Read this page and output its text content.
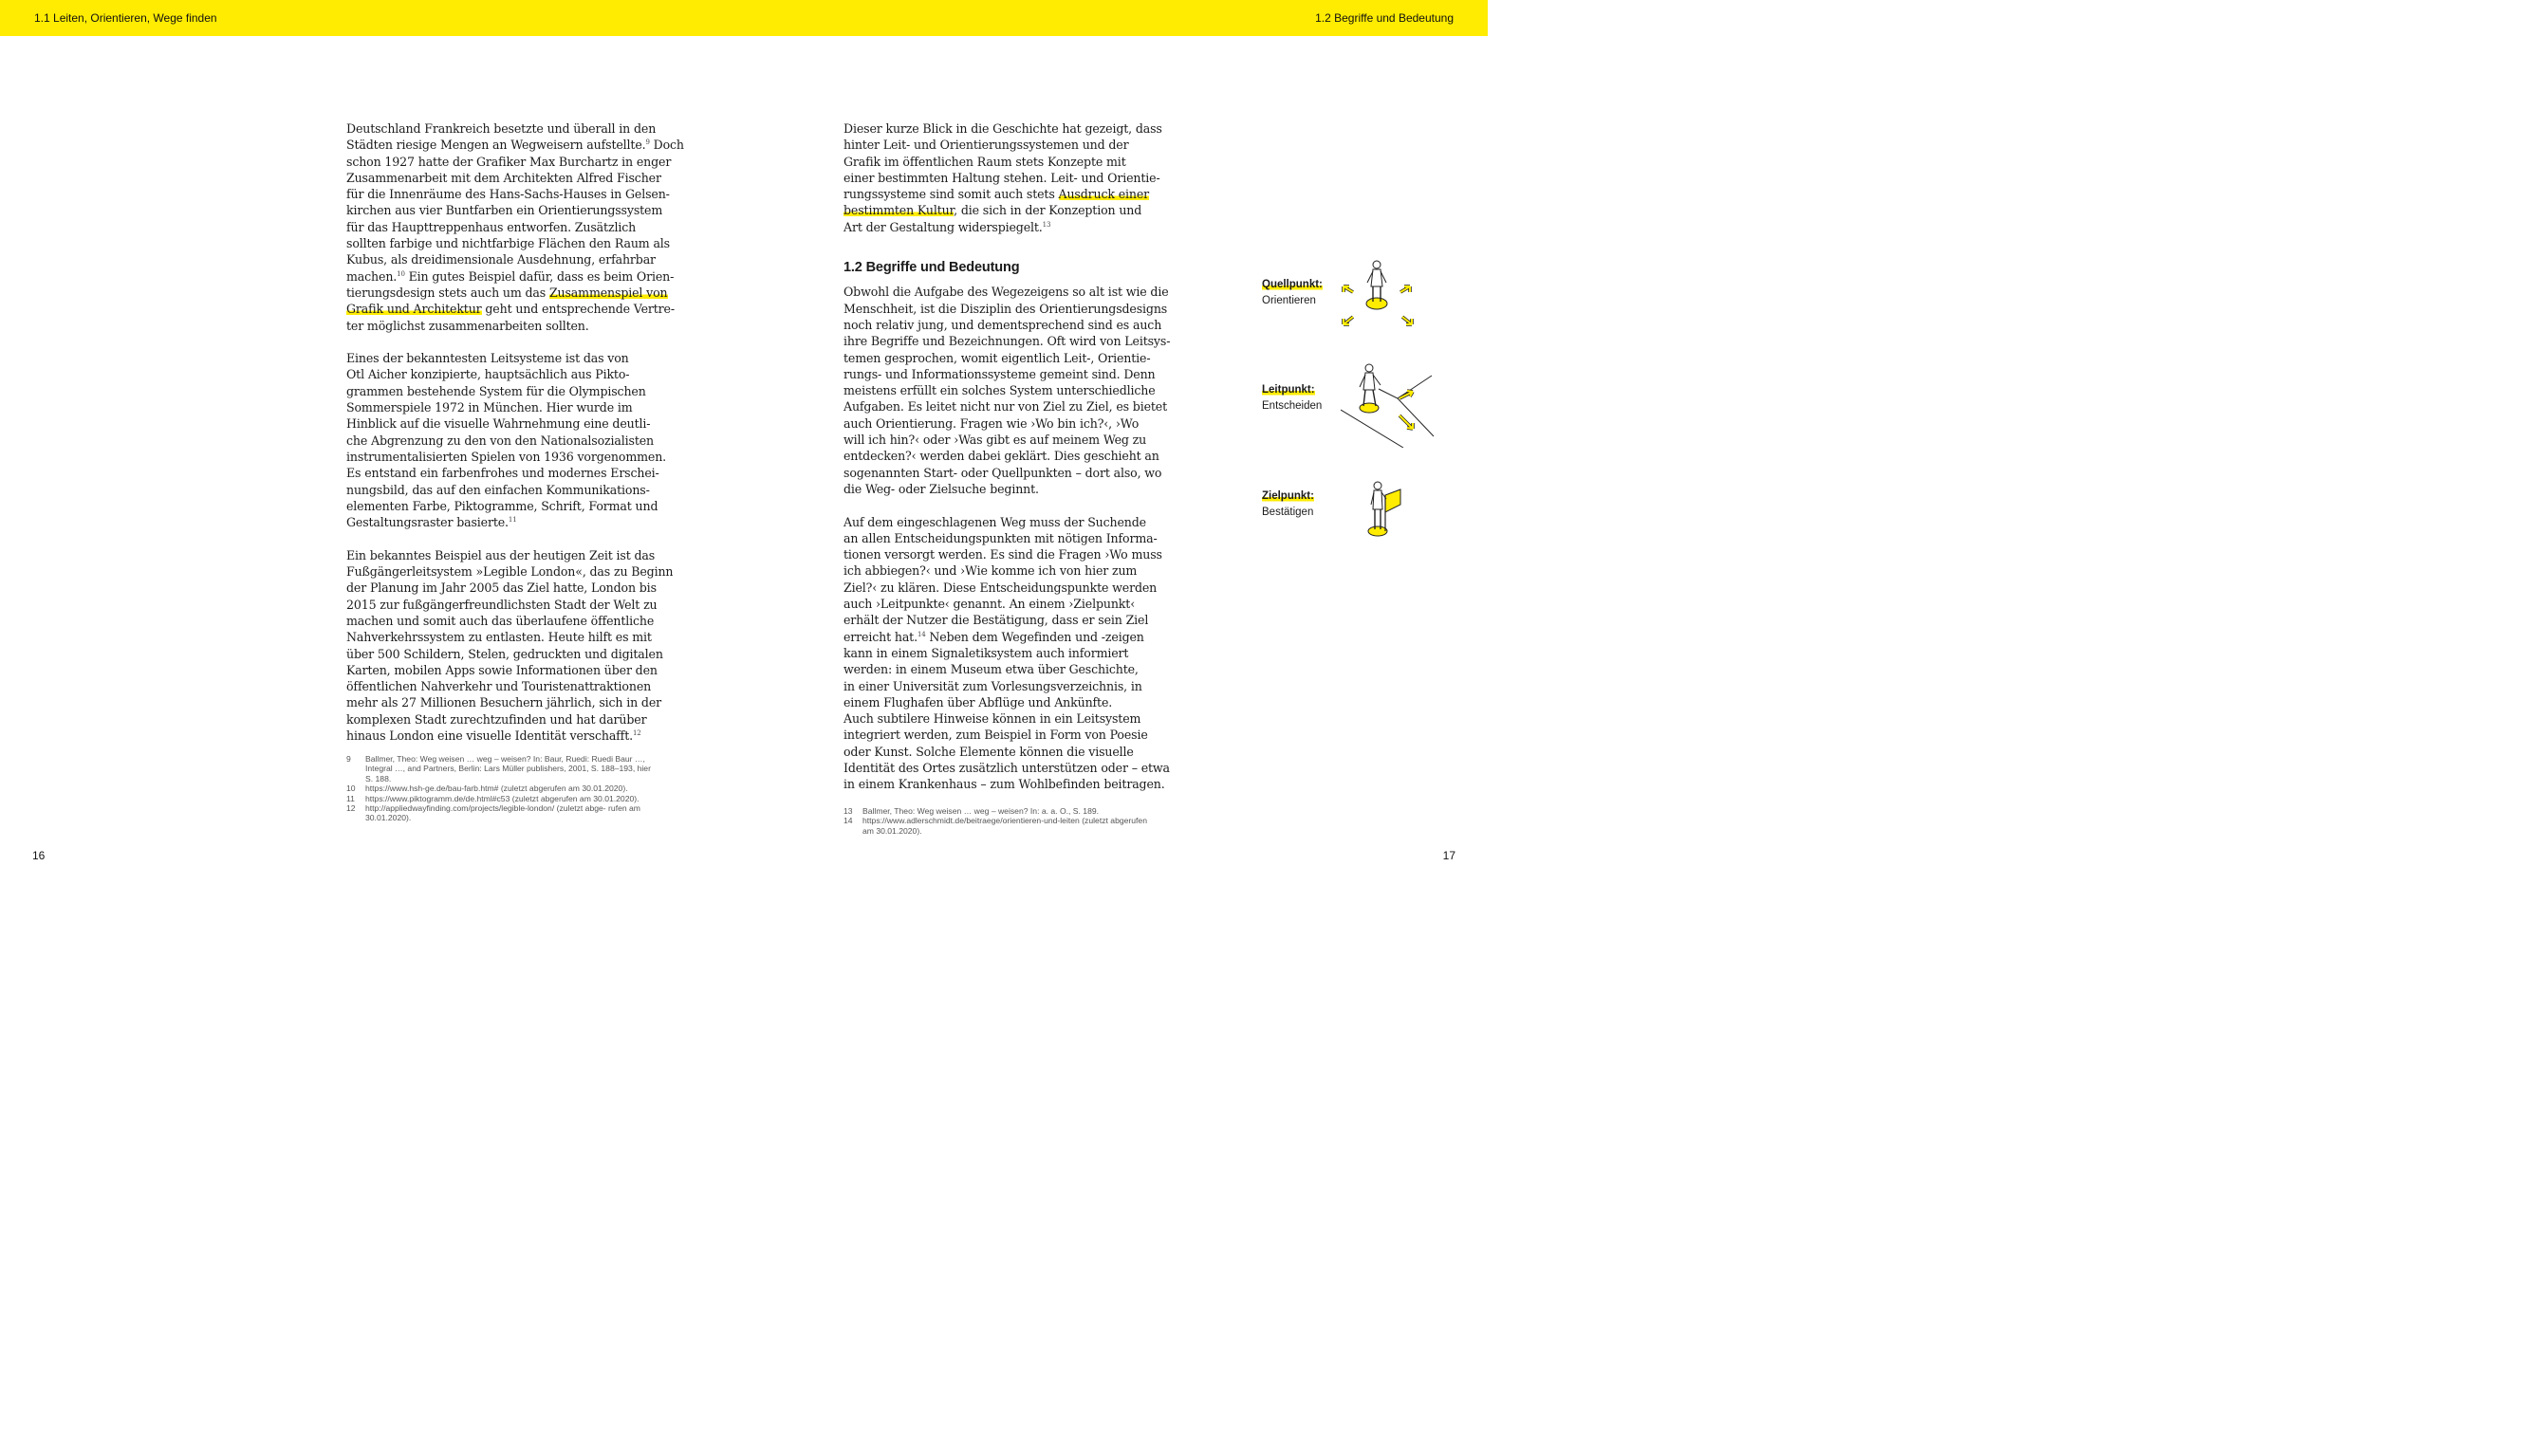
1.1 Leiten, Orientieren, Wege finden	1.2 Begriffe und Bedeutung

Deutschland Frankreich besetzte und überall in den
Städten riesige Mengen an Wegweisern aufstellte.$^9$ Doch
schon 1927 hatte der Grafiker Max Burchartz in enger
Zusammenarbeit mit dem Architekten Alfred Fischer
für die Innenräume des Hans-Sachs-Hauses in Gelsen-
kirchen aus vier Buntfarben ein Orientierungssystem
für das Haupttreppenhaus entworfen. Zusätzlich
sollten farbige und nichtfarbige Flächen den Raum als
Kubus, als dreidimensionale Ausdehnung, erfahrbar
machen.$^{10}$ Ein gutes Beispiel dafür, dass es beim Orien-
tierungsdesign stets auch um das Zusammenspiel von
Grafik und Architektur geht und entsprechende Vertre-
ter möglichst zusammenarbeiten sollten.

Eines der bekanntesten Leitsysteme ist das von
Otl Aicher konzipierte, hauptsächlich aus Pikto-
grammen bestehende System für die Olympischen
Sommerspiele 1972 in München. Hier wurde im
Hinblick auf die visuelle Wahrnehmung eine deutli-
che Abgrenzung zu den von den Nationalsozialisten
instrumentalisierten Spielen von 1936 vorgenommen.
Es entstand ein farbenfrohes und modernes Erschei-
nungsbild, das auf den einfachen Kommunikations-
elementen Farbe, Piktogramme, Schrift, Format und
Gestaltungsraster basierte.$^{11}$

Ein bekanntes Beispiel aus der heutigen Zeit ist das
Fußgängerleitsystem »Legible London«, das zu Beginn
der Planung im Jahr 2005 das Ziel hatte, London bis
2015 zur fußgängerfreundlichsten Stadt der Welt zu
machen und somit auch das überlaufene öffentliche
Nahverkehrssystem zu entlasten. Heute hilft es mit
über 500 Schildern, Stelen, gedruckten und digitalen
Karten, mobilen Apps sowie Informationen über den
öffentlichen Nahverkehr und Touristenattraktionen
mehr als 27 Millionen Besuchern jährlich, sich in der
komplexen Stadt zurechtzufinden und hat darüber
hinaus London eine visuelle Identität verschafft.$^{12}$

9	Ballmer, Theo: Weg weisen … weg – weisen? In: Baur, Ruedi: Ruedi Baur …, Integral …, and Partners, Berlin: Lars Müller publishers, 2001, S. 188–193, hier S. 188.
10	https://www.hsh-ge.de/bau-farb.htm# (zuletzt abgerufen am 30.01.2020).
11	https://www.piktogramm.de/de.html#c53 (zuletzt abgerufen am 30.01.2020).
12	http://appliedwayfinding.com/projects/legible-london/ (zuletzt abge- rufen am 30.01.2020).

Dieser kurze Blick in die Geschichte hat gezeigt, dass
hinter Leit- und Orientierungssystemen und der
Grafik im öffentlichen Raum stets Konzepte mit
einer bestimmten Haltung stehen. Leit- und Orientie-
rungssysteme sind somit auch stets Ausdruck einer
bestimmten Kultur, die sich in der Konzeption und
Art der Gestaltung widerspiegelt.$^{13}$

1.2 Begriffe und Bedeutung

Obwohl die Aufgabe des Wegezeigens so alt ist wie die
Menschheit, ist die Disziplin des Orientierungsdesigns
noch relativ jung, und dementsprechend sind es auch
ihre Begriffe und Bezeichnungen. Oft wird von Leitsys-
temen gesprochen, womit eigentlich Leit-, Orientie-
rungs- und Informationssysteme gemeint sind. Denn
meistens erfüllt ein solches System unterschiedliche
Aufgaben. Es leitet nicht nur von Ziel zu Ziel, es bietet
auch Orientierung. Fragen wie ›Wo bin ich?‹, ›Wo
will ich hin?‹ oder ›Was gibt es auf meinem Weg zu
entdecken?‹ werden dabei geklärt. Dies geschieht an
sogenannten Start- oder Quellpunkten – dort also, wo
die Weg- oder Zielsuche beginnt.

Auf dem eingeschlagenen Weg muss der Suchende
an allen Entscheidungspunkten mit nötigen Informa-
tionen versorgt werden. Es sind die Fragen ›Wo muss
ich abbiegen?‹ und ›Wie komme ich von hier zum
Ziel?‹ zu klären. Diese Entscheidungspunkte werden
auch ›Leitpunkte‹ genannt. An einem ›Zielpunkt‹
erhält der Nutzer die Bestätigung, dass er sein Ziel
erreicht hat.$^{14}$ Neben dem Wegefinden und -zeigen
kann in einem Signaletiksystem auch informiert
werden: in einem Museum etwa über Geschichte,
in einer Universität zum Vorlesungsverzeichnis, in
einem Flughafen über Abflüge und Ankünfte.
Auch subtilere Hinweise können in ein Leitsystem
integriert werden, zum Beispiel in Form von Poesie
oder Kunst. Solche Elemente können die visuelle
Identität des Ortes zusätzlich unterstützen oder – etwa
in einem Krankenhaus – zum Wohlbefinden beitragen.

13	Ballmer, Theo: Weg weisen … weg – weisen? In: a. a. O., S. 189.
14	https://www.adlerschmidt.de/beitraege/orientieren-und-leiten (zuletzt abgerufen am 30.01.2020).
Quellpunkt:
Orientieren
Leitpunkt:
Entscheiden
Zielpunkt:
Bestätigen
16	17
